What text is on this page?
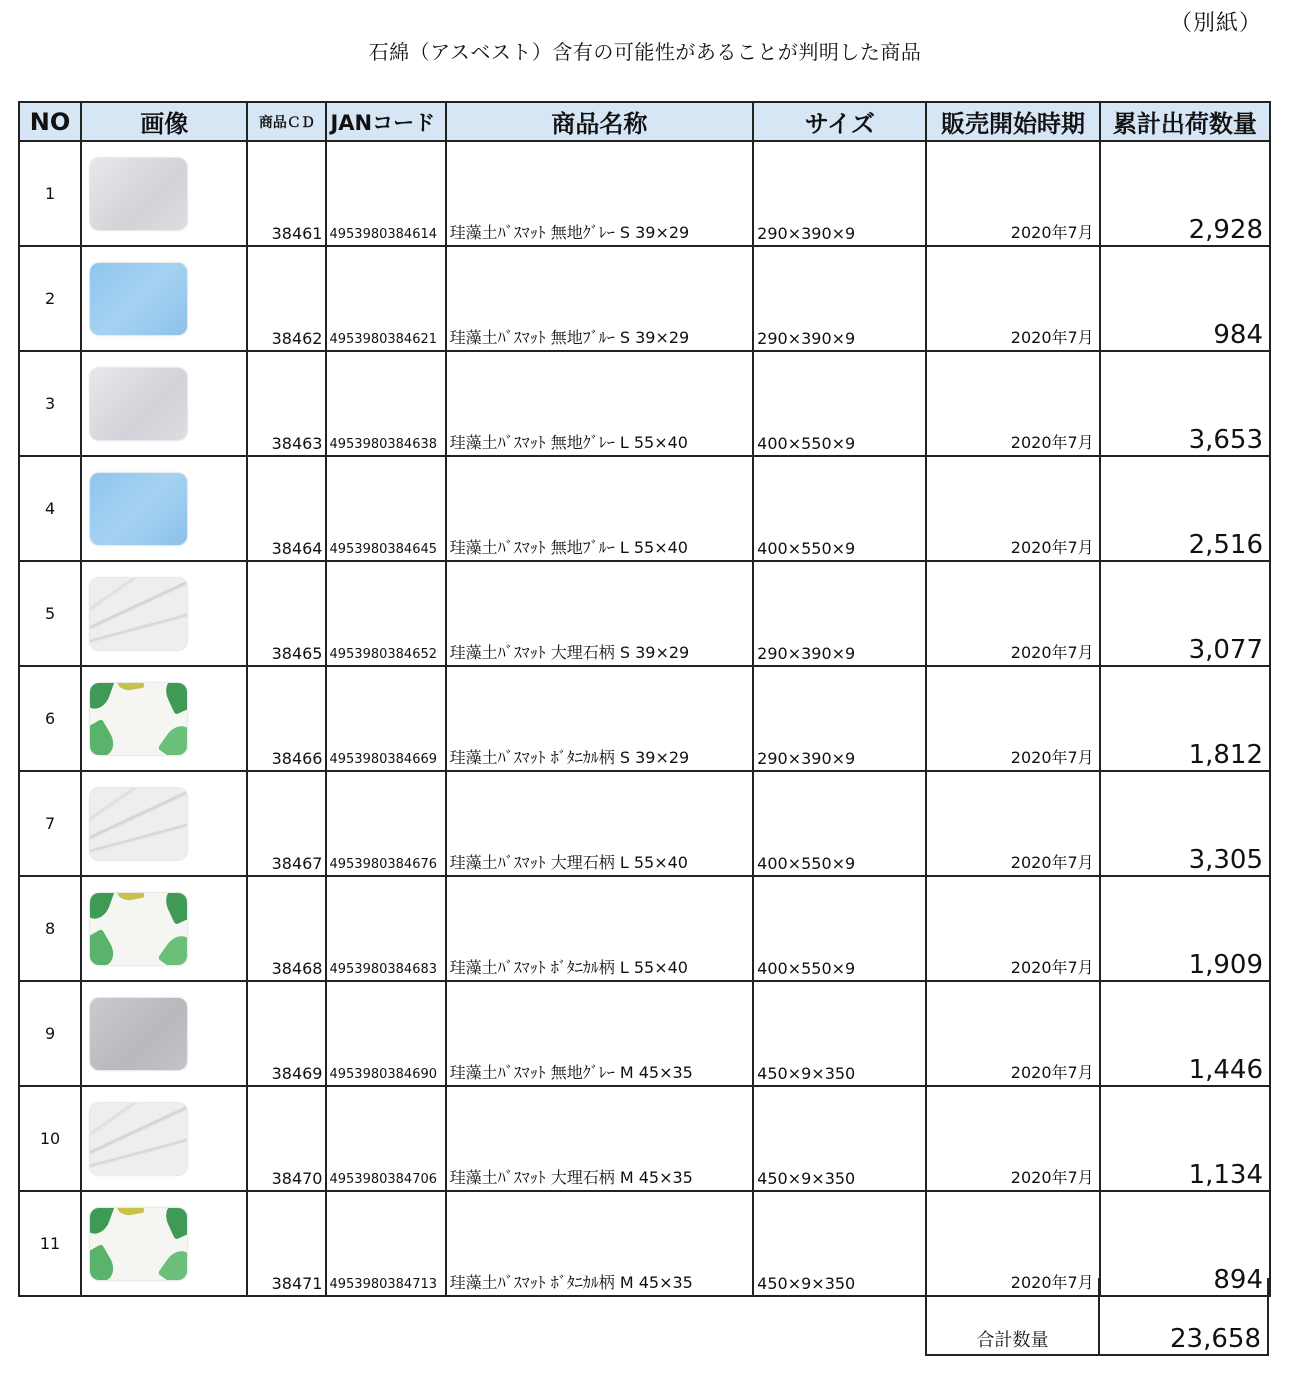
（別紙）
石綿（アスベスト）含有の可能性があることが判明した商品
NO	画像	商品ＣＤ	JANコード	商品名称	サイズ	販売開始時期	累計出荷数量
1		38461	4953980384614	珪藻土ﾊﾞｽﾏｯﾄ 無地ｸﾞﾚｰ S 39×29	290×390×9	2020年7月	2,928
2		38462	4953980384621	珪藻土ﾊﾞｽﾏｯﾄ 無地ﾌﾞﾙｰ S 39×29	290×390×9	2020年7月	984
3		38463	4953980384638	珪藻土ﾊﾞｽﾏｯﾄ 無地ｸﾞﾚｰ L 55×40	400×550×9	2020年7月	3,653
4		38464	4953980384645	珪藻土ﾊﾞｽﾏｯﾄ 無地ﾌﾞﾙｰ L 55×40	400×550×9	2020年7月	2,516
5		38465	4953980384652	珪藻土ﾊﾞｽﾏｯﾄ 大理石柄 S 39×29	290×390×9	2020年7月	3,077
6		38466	4953980384669	珪藻土ﾊﾞｽﾏｯﾄ ﾎﾞﾀﾆｶﾙ柄 S 39×29	290×390×9	2020年7月	1,812
7		38467	4953980384676	珪藻土ﾊﾞｽﾏｯﾄ 大理石柄 L 55×40	400×550×9	2020年7月	3,305
8		38468	4953980384683	珪藻土ﾊﾞｽﾏｯﾄ ﾎﾞﾀﾆｶﾙ柄 L 55×40	400×550×9	2020年7月	1,909
9		38469	4953980384690	珪藻土ﾊﾞｽﾏｯﾄ 無地ｸﾞﾚｰ M 45×35	450×9×350	2020年7月	1,446
10		38470	4953980384706	珪藻土ﾊﾞｽﾏｯﾄ 大理石柄 M 45×35	450×9×350	2020年7月	1,134
11		38471	4953980384713	珪藻土ﾊﾞｽﾏｯﾄ ﾎﾞﾀﾆｶﾙ柄 M 45×35	450×9×350	2020年7月	894
合計数量	23,658
